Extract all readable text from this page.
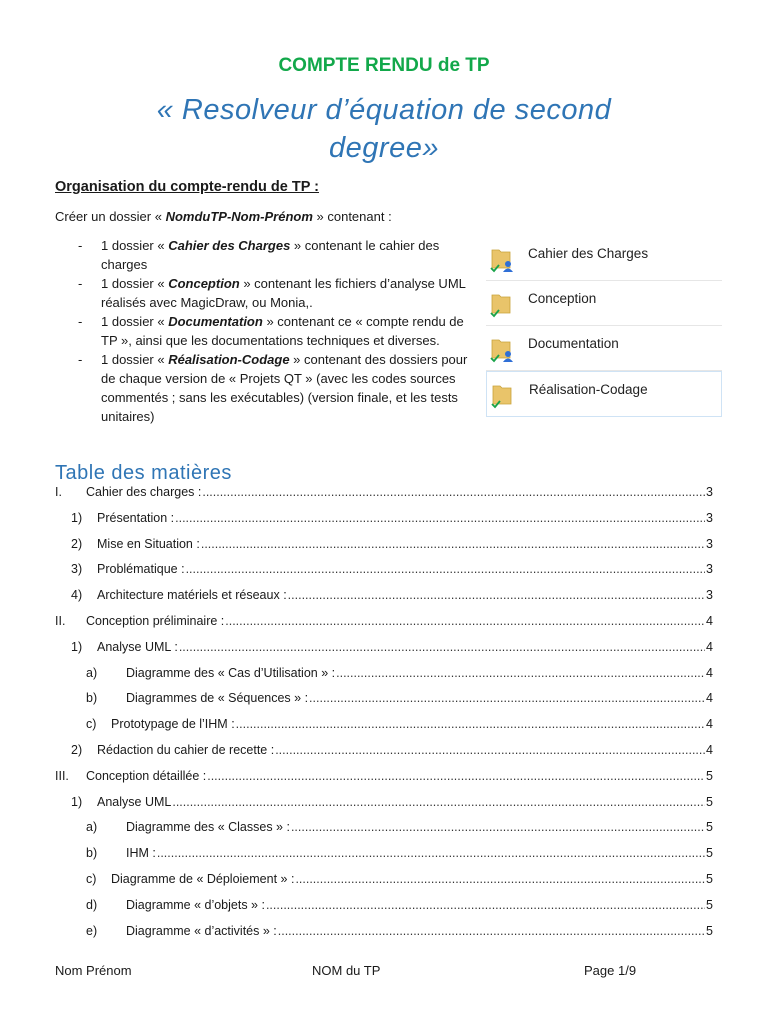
COMPTE RENDU de TP
« Resolveur d’équation de second
degree»
Organisation du compte-rendu de TP :
Créer un dossier « NomduTP-Nom-Prénom » contenant :
-	1 dossier « Cahier des Charges » contenant le cahier des charges
-	1 dossier « Conception » contenant les fichiers d’analyse UML réalisés avec MagicDraw, ou Monia,.
-	1 dossier « Documentation » contenant ce « compte rendu de TP », ainsi que les documentations techniques et diverses.
-	1 dossier « Réalisation-Codage » contenant des dossiers pour de chaque version de « Projets QT » (avec les codes sources commentés ; sans les exécutables) (version finale, et les tests unitaires)
Cahier des Charges
Conception
Documentation
Réalisation-Codage
Table des matières
I.	Cahier des charges : .....	3
1)	Présentation : .....	3
2)	Mise en Situation : .....	3
3)	Problématique : .....	3
4)	Architecture matériels et réseaux : .....	3
II.	Conception préliminaire : .....	4
1)	Analyse UML : .....	4
a)	Diagramme des « Cas d’Utilisation » : .....	4
b)	Diagrammes de « Séquences » : .....	4
c)	Prototypage de l’IHM : .....	4
2)	Rédaction du cahier de recette : .....	4
III.	Conception détaillée : .....	5
1)	Analyse UML .....	5
a)	Diagramme des « Classes » : .....	5
b)	IHM : .....	5
c)	Diagramme de « Déploiement » : .....	5
d)	Diagramme « d’objets » : .....	5
e)	Diagramme « d’activités » : .....	5
Nom Prénom	NOM du TP	Page 1/9
